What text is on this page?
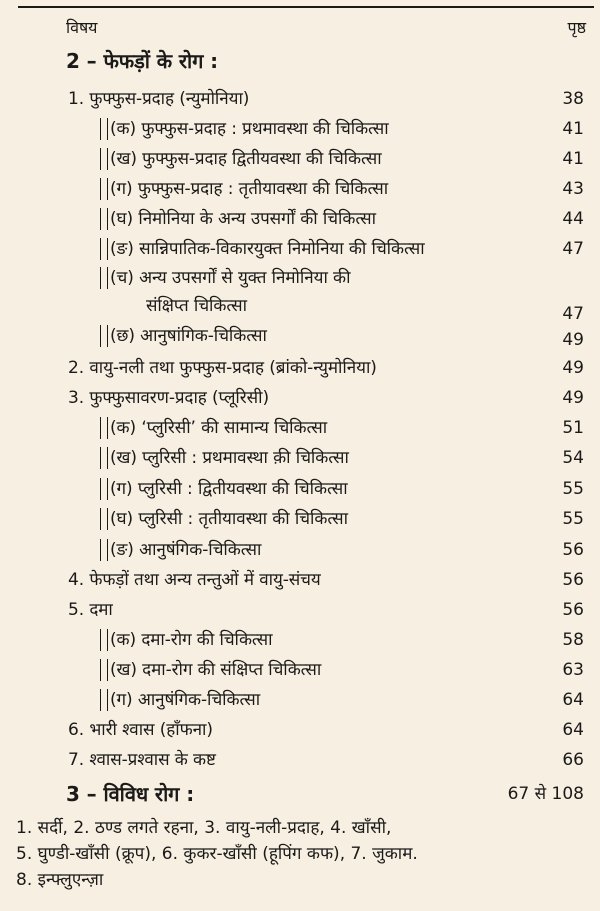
विषय	पृष्ठ
2 – फेफड़ों के रोग :
1. फुफ्फुस-प्रदाह (न्युमोनिया)	38
(क) फुफ्फुस-प्रदाह : प्रथमावस्था की चिकित्सा	41
(ख) फुफ्फुस-प्रदाह द्वितीयवस्था की चिकित्सा	41
(ग) फुफ्फुस-प्रदाह : तृतीयावस्था की चिकित्सा	43
(घ) निमोनिया के अन्य उपसर्गों की चिकित्सा	44
(ङ) सान्निपातिक-विकारयुक्त निमोनिया की चिकित्सा	47
(च) अन्य उपसर्गों से युक्त निमोनिया की
संक्षिप्त चिकित्सा	47
(छ) आनुषांगिक-चिकित्सा	49
2. वायु-नली तथा फुफ्फुस-प्रदाह (ब्रांको-न्युमोनिया)	49
3. फुफ्फुसावरण-प्रदाह (प्लूरिसी)	49
(क) ‘प्लुरिसी’ की सामान्य चिकित्सा	51
(ख) प्लुरिसी : प्रथमावस्था क़ी चिकित्सा	54
(ग) प्लुरिसी : द्वितीयवस्था की चिकित्सा	55
(घ) प्लुरिसी : तृतीयावस्था की चिकित्सा	55
(ङ) आनुषंगिक-चिकित्सा	56
4. फेफड़ों तथा अन्य तन्तुओं में वायु-संचय	56
5. दमा	56
(क) दमा-रोग की चिकित्सा	58
(ख) दमा-रोग की संक्षिप्त चिकित्सा	63
(ग) आनुषंगिक-चिकित्सा	64
6. भारी श्वास (हाँफना)	64
7. श्वास-प्रश्वास के कष्ट	66
3 – विविध रोग :	67 से 108
1. सर्दी, 2. ठण्ड लगते रहना, 3. वायु-नली-प्रदाह, 4. खाँसी,
5. घुण्डी-खाँसी (क्रूप), 6. कुकर-खाँसी (हूपिंग कफ), 7. जुकाम.
8. इन्फ्लुएन्ज़ा
